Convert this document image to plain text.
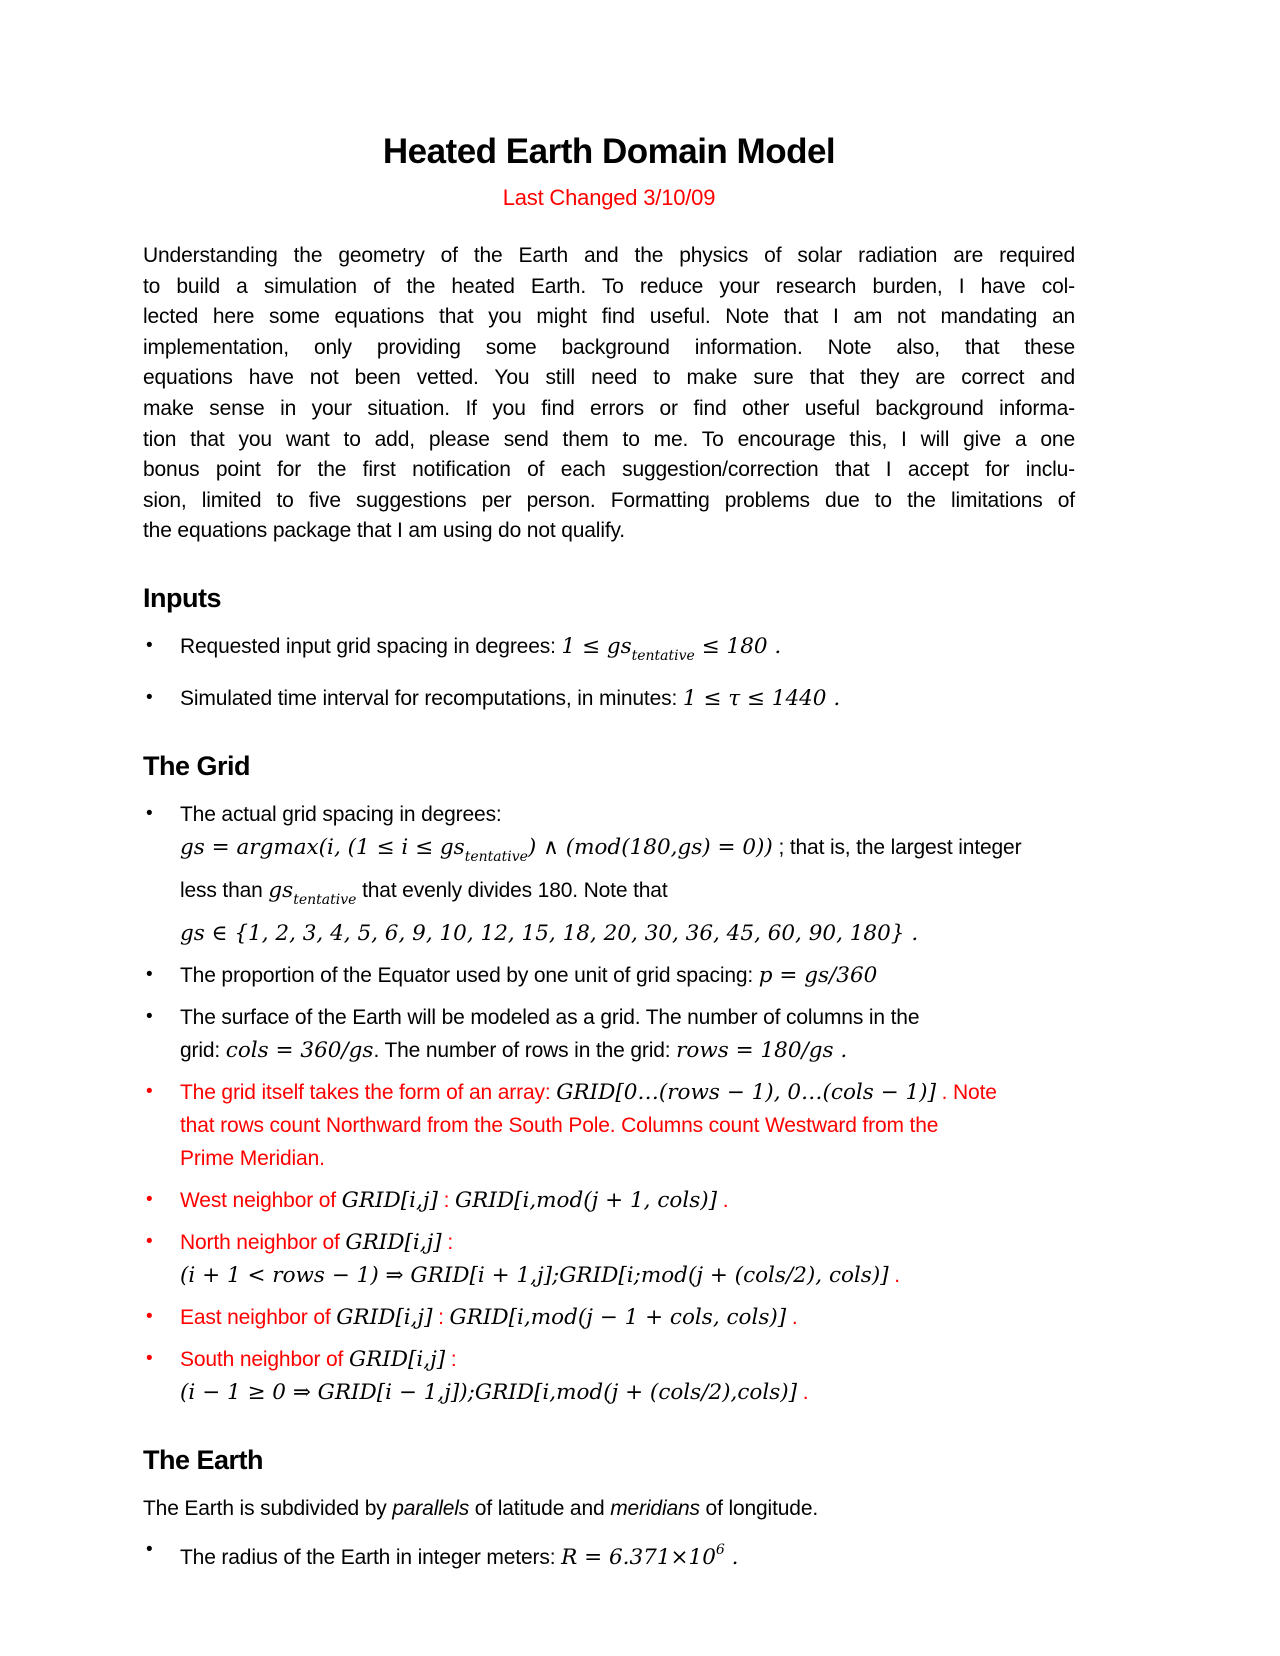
Heated Earth Domain Model
Last Changed 3/10/09
Understanding the geometry of the Earth and the physics of solar radiation are required
to build a simulation of the heated Earth. To reduce your research burden, I have col-
lected here some equations that you might find useful. Note that I am not mandating an
implementation, only providing some background information. Note also, that these
equations have not been vetted. You still need to make sure that they are correct and
make sense in your situation. If you find errors or find other useful background informa-
tion that you want to add, please send them to me. To encourage this, I will give a one
bonus point for the first notification of each suggestion/correction that I accept for inclu-
sion, limited to five suggestions per person. Formatting problems due to the limitations of
the equations package that I am using do not qualify.
Inputs
• Requested input grid spacing in degrees: $1 \le gs_{tentative} \le 180$ .
• Simulated time interval for recomputations, in minutes: 1 ≤ τ ≤ 1440 .
The Grid
• The actual grid spacing in degrees:
gs = argmax(i, $(1 \le i \le gs_{tentative})$ ∧ (mod(180,gs) = 0)) ; that is, the largest integer
less than $gs_{tentative}$ that evenly divides 180. Note that
gs ∈ {1, 2, 3, 4, 5, 6, 9, 10, 12, 15, 18, 20, 30, 36, 45, 60, 90, 180} .
• The proportion of the Equator used by one unit of grid spacing: p = gs/360
• The surface of the Earth will be modeled as a grid. The number of columns in the
grid: cols = 360/gs. The number of rows in the grid: rows = 180/gs .
• The grid itself takes the form of an array: GRID[0…(rows − 1), 0…(cols − 1)] . Note
that rows count Northward from the South Pole. Columns count Westward from the
Prime Meridian.
• West neighbor of GRID[i,j] : GRID[i,mod(j + 1, cols)] .
• North neighbor of GRID[i,j] :
(i + 1 < rows − 1) ⇒ GRID[i + 1,j];GRID[i;mod(j + (cols/2), cols)] .
• East neighbor of GRID[i,j] : GRID[i,mod(j − 1 + cols, cols)] .
• South neighbor of GRID[i,j] :
(i − 1 ≥ 0 ⇒ GRID[i − 1,j]);GRID[i,mod(j + (cols/2),cols)] .
The Earth
The Earth is subdivided by parallels of latitude and meridians of longitude.
• The radius of the Earth in integer meters: $R = 6.371\times 10^6$ .
